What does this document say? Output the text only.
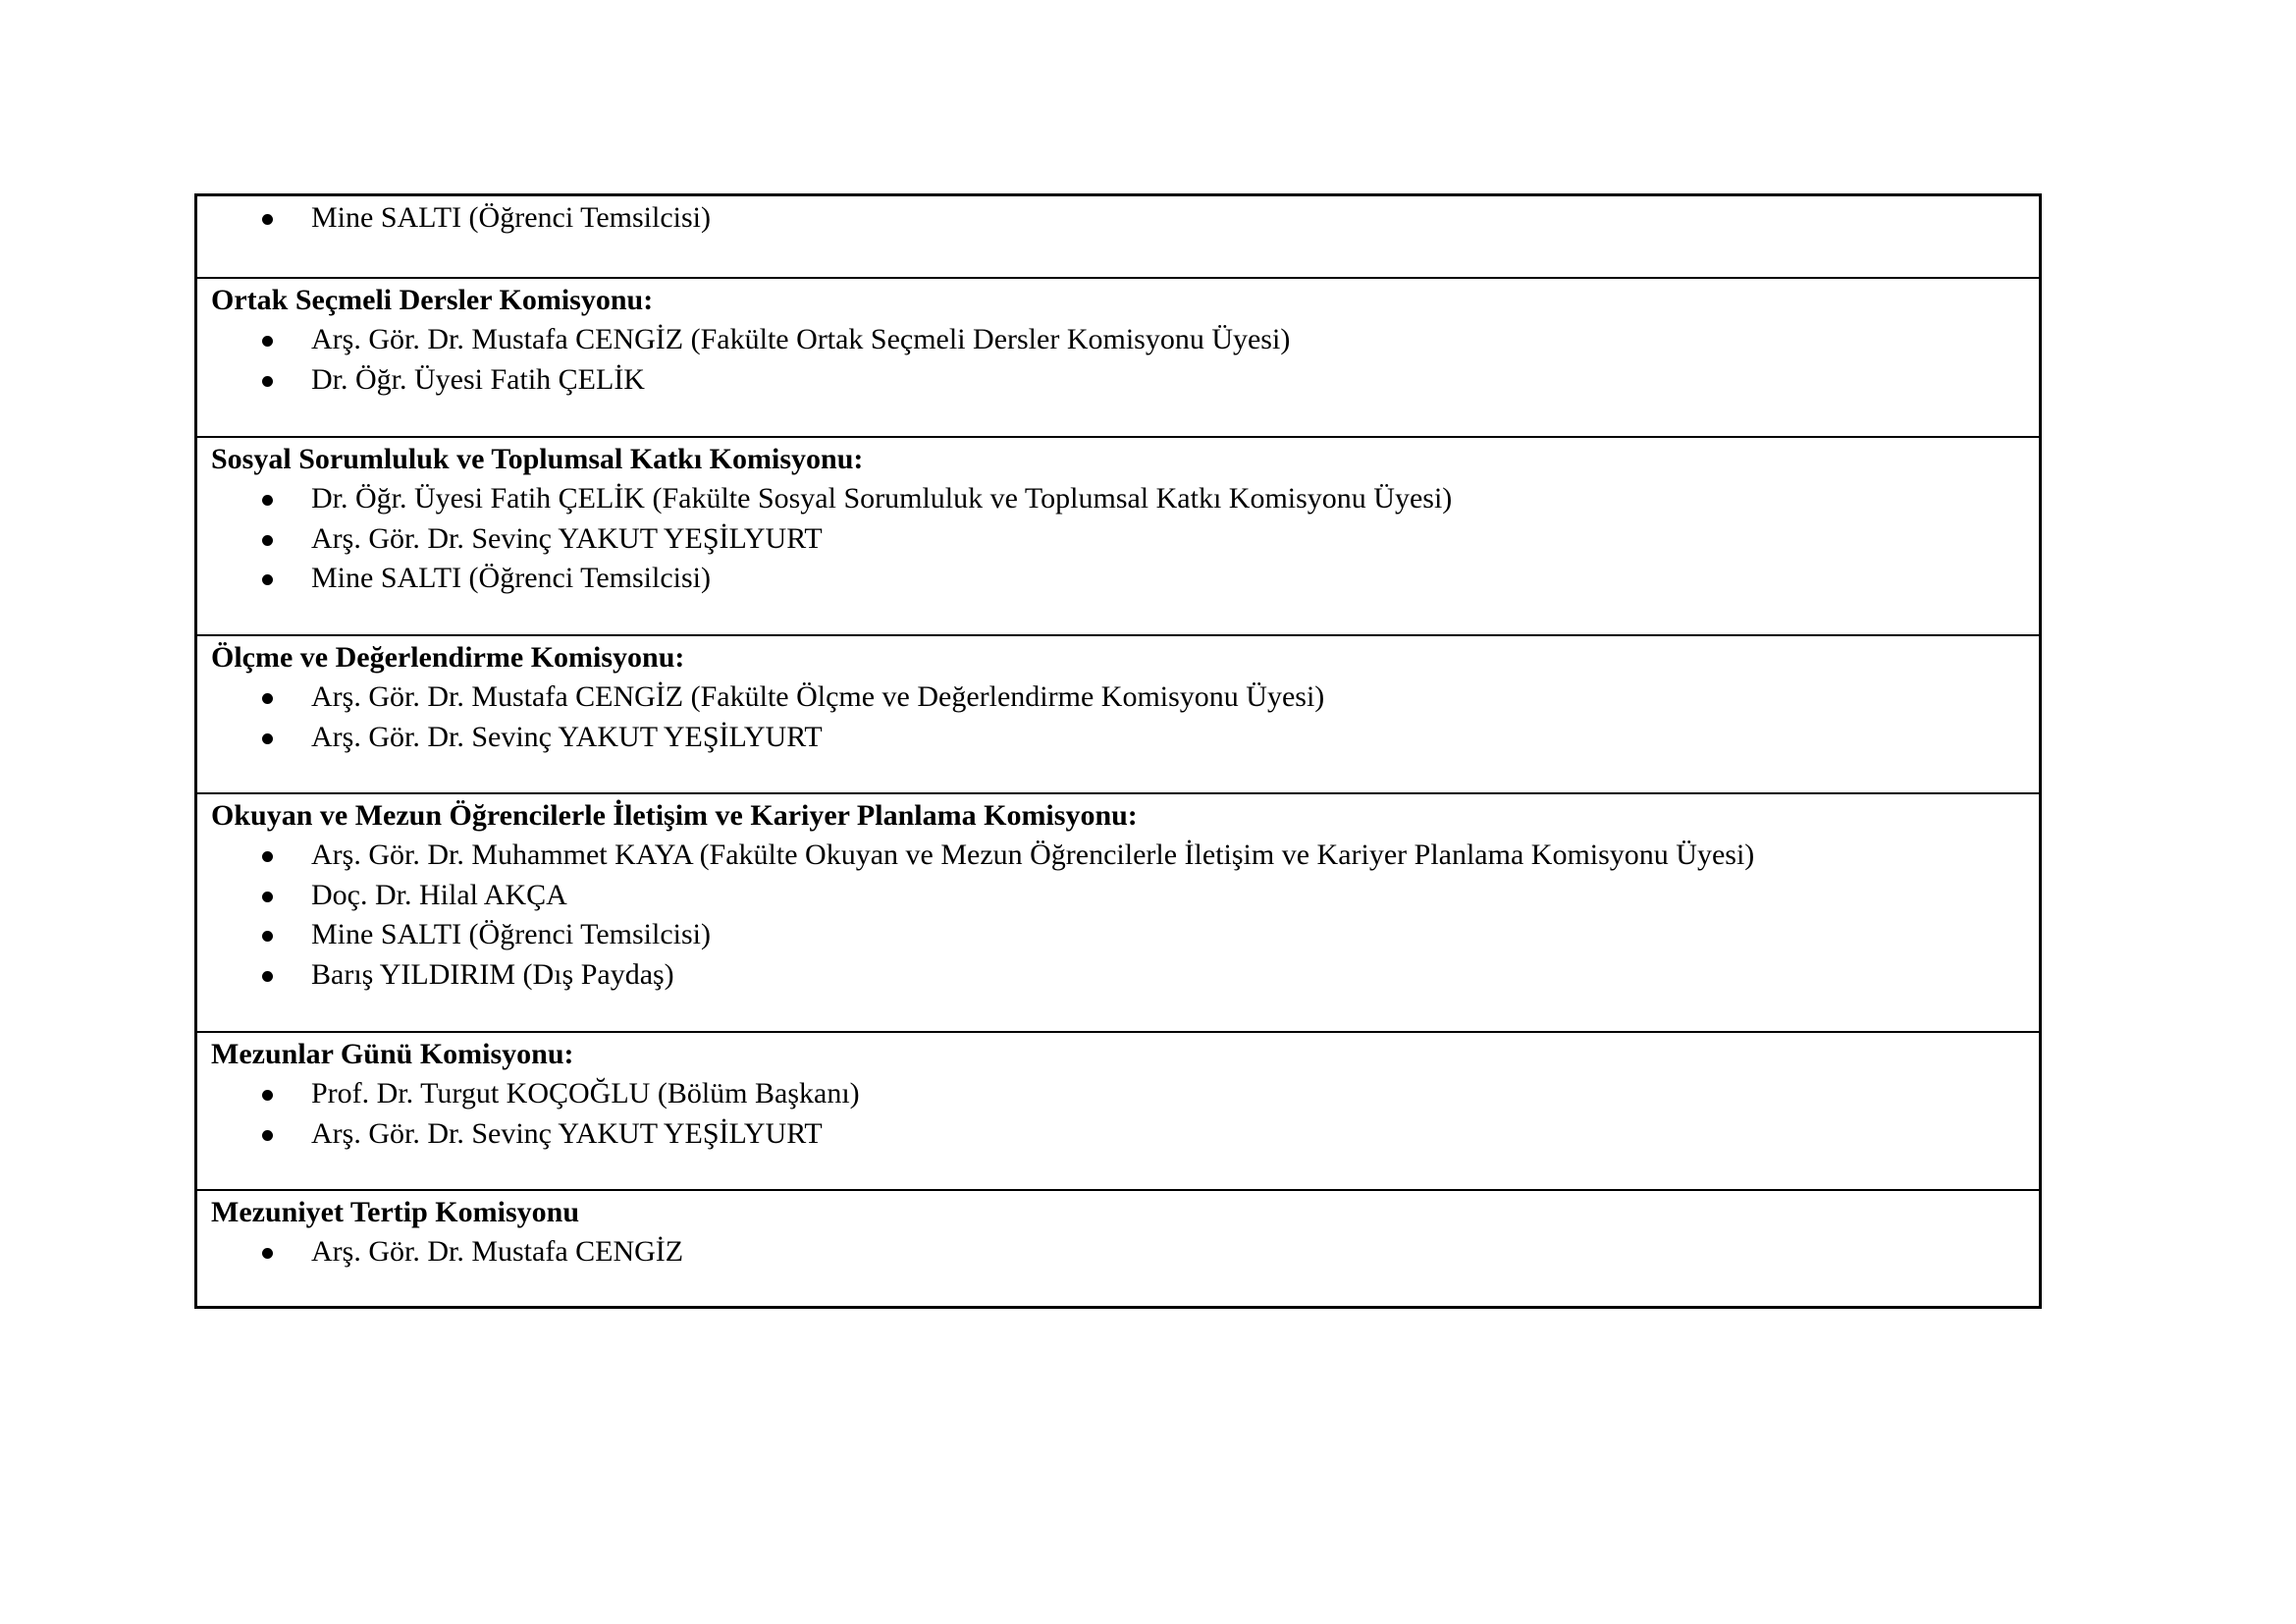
Mine SALTI (Öğrenci Temsilcisi)
Ortak Seçmeli Dersler Komisyonu:
Arş. Gör. Dr. Mustafa CENGİZ (Fakülte Ortak Seçmeli Dersler Komisyonu Üyesi)
Dr. Öğr. Üyesi Fatih ÇELİK
Sosyal Sorumluluk ve Toplumsal Katkı Komisyonu:
Dr. Öğr. Üyesi Fatih ÇELİK (Fakülte Sosyal Sorumluluk ve Toplumsal Katkı Komisyonu Üyesi)
Arş. Gör. Dr. Sevinç YAKUT YEŞİLYURT
Mine SALTI (Öğrenci Temsilcisi)
Ölçme ve Değerlendirme Komisyonu:
Arş. Gör. Dr. Mustafa CENGİZ (Fakülte Ölçme ve Değerlendirme Komisyonu Üyesi)
Arş. Gör. Dr. Sevinç YAKUT YEŞİLYURT
Okuyan ve Mezun Öğrencilerle İletişim ve Kariyer Planlama Komisyonu:
Arş. Gör. Dr. Muhammet KAYA (Fakülte Okuyan ve Mezun Öğrencilerle İletişim ve Kariyer Planlama Komisyonu Üyesi)
Doç. Dr. Hilal AKÇA
Mine SALTI (Öğrenci Temsilcisi)
Barış YILDIRIM (Dış Paydaş)
Mezunlar Günü Komisyonu:
Prof. Dr. Turgut KOÇOĞLU (Bölüm Başkanı)
Arş. Gör. Dr. Sevinç YAKUT YEŞİLYURT
Mezuniyet Tertip Komisyonu
Arş. Gör. Dr. Mustafa CENGİZ
